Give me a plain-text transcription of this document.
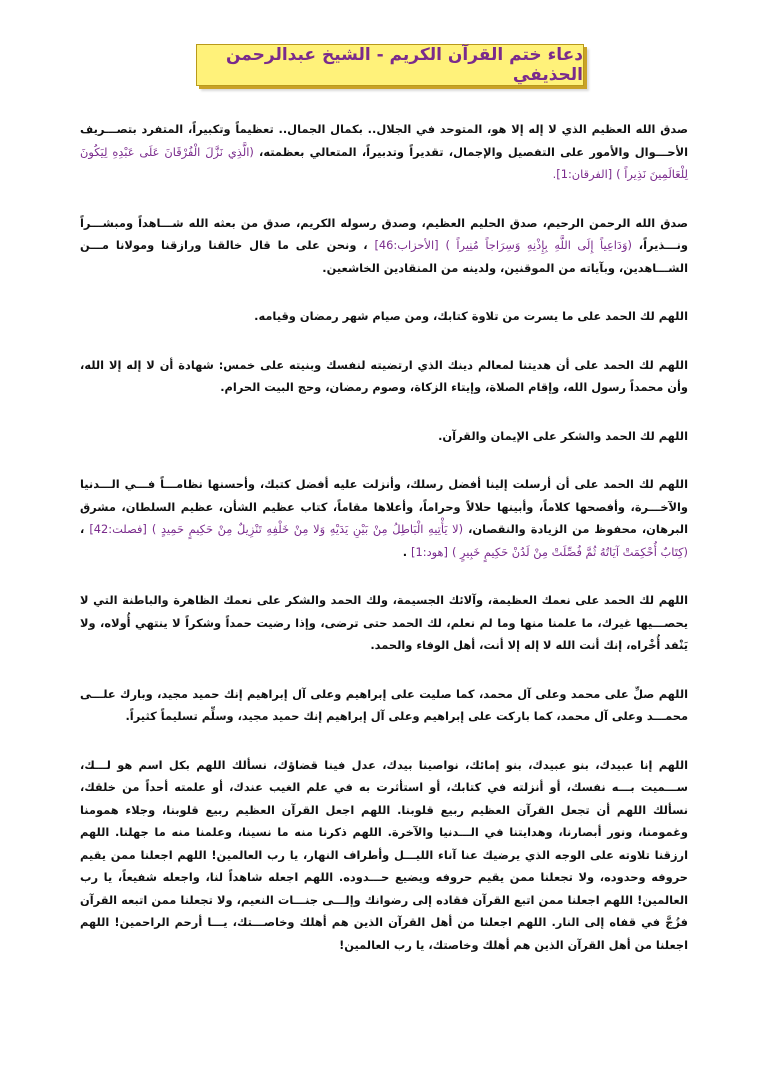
دعاء ختم القرآن الكريم - الشيخ عبدالرحمن الحذيفي

صدق الله العظيم الذي لا إله إلا هو، المتوحد في الجلال.. بكمال الجمال.. تعظيماً وتكبيراً، المتفرد بتصـــريف الأحـــوال والأمور على التفصيل والإجمال، تقديراً وتدبيراً، المتعالي بعظمته، (الَّذِي نَزَّلَ الْفُرْقَانَ عَلَى عَبْدِهِ لِيَكُونَ لِلْعَالَمِينَ نَذِيراً ) [الفرقان:1].

صدق الله الرحمن الرحيم، صدق الحليم العظيم، وصدق رسوله الكريم، صدق من بعثه الله شـــاهداً ومبشـــراً ونـــذيراً، (وَدَاعِياً إِلَى اللَّهِ بِإِذْنِهِ وَسِرَاجاً مُنِيراً ) [الأحزاب:46] ، ونحن على ما قال خالقنا ورازقنا ومولانا مـــن الشـــاهدين، وبآياته من الموقنين، ولدينه من المنقادين الخاشعين.

اللهم لك الحمد على ما يسرت من تلاوة كتابك، ومن صيام شهر رمضان وقيامه.

اللهم لك الحمد على أن هديتنا لمعالم دينك الذي ارتضيته لنفسك وبنيته على خمس: شهادة أن لا إله إلا الله، وأن محمداً رسول الله، وإقام الصلاة، وإيتاء الزكاة، وصوم رمضان، وحج البيت الحرام.

اللهم لك الحمد والشكر على الإيمان والقرآن.

اللهم لك الحمد على أن أرسلت إلينا أفضل رسلك، وأنزلت عليه أفضل كتبك، وأحسنها نظامـــاً فـــي الـــدنيا والآخـــرة، وأفصحها كلاماً، وأبينها حلالاً وحراماً، وأعلاها مقاماً، كتاب عظيم الشأن، عظيم السلطان، مشرق البرهان، محفوظ من الزيادة والنقصان، (لا يَأْتِيهِ الْبَاطِلُ مِنْ بَيْنِ يَدَيْهِ وَلا مِنْ خَلْفِهِ تَنْزِيلٌ مِنْ حَكِيمٍ حَمِيدٍ ) [فصلت:42] ، (كِتَابٌ أُحْكِمَتْ آيَاتُهُ ثُمَّ فُصِّلَتْ مِنْ لَدُنْ حَكِيمٍ خَبِيرٍ ) [هود:1] .

اللهم لك الحمد على نعمك العظيمة، وآلائك الجسيمة، ولك الحمد والشكر على نعمك الظاهرة والباطنة التي لا يحصـــيها غيرك، ما علمنا منها وما لم نعلم، لك الحمد حتى ترضى، وإذا رضيت حمداً وشكراً لا ينتهي أُولاه، ولا يَنْفد أُخْراه، إنك أنت الله لا إله إلا أنت، أهل الوفاء والحمد.

اللهم صلِّ على محمد وعلى آل محمد، كما صليت على إبراهيم وعلى آل إبراهيم إنك حميد مجيد، وبارك علـــى محمـــد وعلى آل محمد، كما باركت على إبراهيم وعلى آل إبراهيم إنك حميد مجيد، وسلِّم تسليماً كثيراً.

اللهم إنا عبيدك، بنو عبيدك، بنو إمائك، نواصينا بيدك، عدل فينا قضاؤك، نسألك اللهم بكل اسم هو لـــك، ســـميت بـــه نفسك، أو أنزلته في كتابك، أو استأثرت به في علم الغيب عندك، أو علمته أحداً من خلقك، نسألك اللهم أن تجعل القرآن العظيم ربيع قلوبنا. اللهم اجعل القرآن العظيم ربيع قلوبنا، وجلاء همومنا وغمومنا، ونور أبصارنا، وهدايتنا في الـــدنيا والآخرة. اللهم ذكرنا منه ما نسينا، وعلمنا منه ما جهلنا. اللهم ارزقنا تلاوته على الوجه الذي يرضيك عنا آناء الليـــل وأطراف النهار، يا رب العالمين! اللهم اجعلنا ممن يقيم حروفه وحدوده، ولا تجعلنا ممن يقيم حروفه ويضيع حـــدوده. اللهم اجعله شاهداً لنا، واجعله شفيعاً، يا رب العالمين! اللهم اجعلنا ممن اتبع القرآن فقاده إلى رضوانك وإلـــى جنـــات النعيم، ولا تجعلنا ممن اتبعه القرآن فزُجَّ في قفاه إلى النار. اللهم اجعلنا من أهل القرآن الذين هم أهلك وخاصـــتك، يـــا أرحم الراحمين! اللهم اجعلنا من أهل القرآن الذين هم أهلك وخاصتك، يا رب العالمين!
